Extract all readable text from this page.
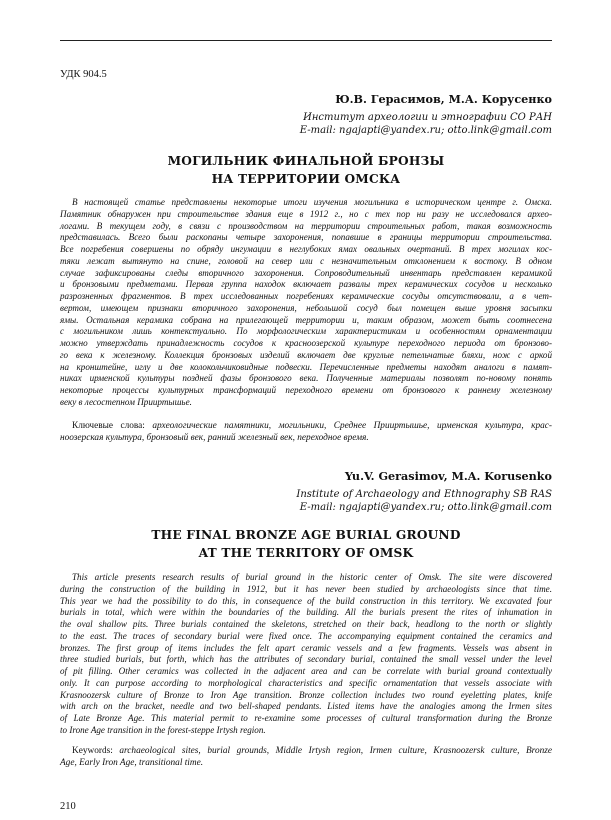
УДК 904.5
Ю.В. Герасимов, М.А. Корусенко
Институт археологии и этнографии СО РАН
E-mail: ngajapti@yandex.ru; otto.link@gmail.com
МОГИЛЬНИК ФИНАЛЬНОЙ БРОНЗЫ
НА ТЕРРИТОРИИ ОМСКА
В настоящей статье представлены некоторые итоги изучения могильника в историческом центре г. Омска.
Памятник обнаружен при строительстве здания еще в 1912 г., но с тех пор ни разу не исследовался архео-
логами. В текущем году, в связи с производством на территории строительных работ, такая возможность
представилась. Всего были раскопаны четыре захоронения, попавшие в границы территории строительства.
Все погребения совершены по обряду ингумации в неглубоких ямах овальных очертаний. В трех могилах кос-
тяки лежат вытянуто на спине, головой на север или с незначительным отклонением к востоку. В одном
случае зафиксированы следы вторичного захоронения. Сопроводительный инвентарь представлен керамикой
и бронзовыми предметами. Первая группа находок включает развалы трех керамических сосудов и несколько
разрозненных фрагментов. В трех исследованных погребениях керамические сосуды отсутствовали, а в чет-
вертом, имеющем признаки вторичного захоронения, небольшой сосуд был помещен выше уровня засыпки
ямы. Остальная керамика собрана на прилегающей территории и, таким образом, может быть соотнесена
с могильником лишь контекстуально. По морфологическим характеристикам и особенностям орнаментации
можно утверждать принадлежность сосудов к красноозерской культуре переходного периода от бронзово-
го века к железному. Коллекция бронзовых изделий включает две круглые петельчатые бляхи, нож с аркой
на кронштейне, иглу и две колокольчиковидные подвески. Перечисленные предметы находят аналоги в памят-
никах ирменской культуры поздней фазы бронзового века. Полученные материалы позволят по-новому понять
некоторые процессы культурных трансформаций переходного времени от бронзового к раннему железному
веку в лесостепном Прииртышье.
Ключевые слова: археологические памятники, могильники, Среднее Прииртышье, ирменская культура, крас-
ноозерская культура, бронзовый век, ранний железный век, переходное время.
Yu.V. Gerasimov, M.A. Korusenko
Institute of Archaeology and Ethnography SB RAS
E-mail: ngajapti@yandex.ru; otto.link@gmail.com
THE FINAL BRONZE AGE BURIAL GROUND
AT THE TERRITORY OF OMSK
This article presents research results of burial ground in the historic center of Omsk. The site were discovered
during the construction of the building in 1912, but it has never been studied by archaeologists since that time.
This year we had the possibility to do this, in consequence of the build construction in this territory. We excavated four
burials in total, which were within the boundaries of the building. All the burials present the rites of inhumation in
the oval shallow pits. Three burials contained the skeletons, stretched on their back, headlong to the north or slightly
to the east. The traces of secondary burial were fixed once. The accompanying equipment contained the ceramics and
bronzes. The first group of items includes the felt apart ceramic vessels and a few fragments. Vessels was absent in
three studied burials, but forth, which has the attributes of secondary burial, contained the small vessel under the level
of pit filling. Other ceramics was collected in the adjacent area and can be correlate with burial ground contextually
only. It can purpose according to morphological characteristics and specific ornamentation that vessels associate with
Krasnoozersk culture of Bronze to Iron Age transition. Bronze collection includes two round eyeletting plates, knife
with arch on the bracket, needle and two bell-shaped pendants. Listed items have the analogies among the Irmen sites
of Late Bronze Age. This material permit to re-examine some processes of cultural transformation during the Bronze
to Irone Age transition in the forest-steppe Irtysh region.
Keywords: archaeological sites, burial grounds, Middle Irtysh region, Irmen culture, Krasnoozersk culture, Bronze
Age, Early Iron Age, transitional time.
210
